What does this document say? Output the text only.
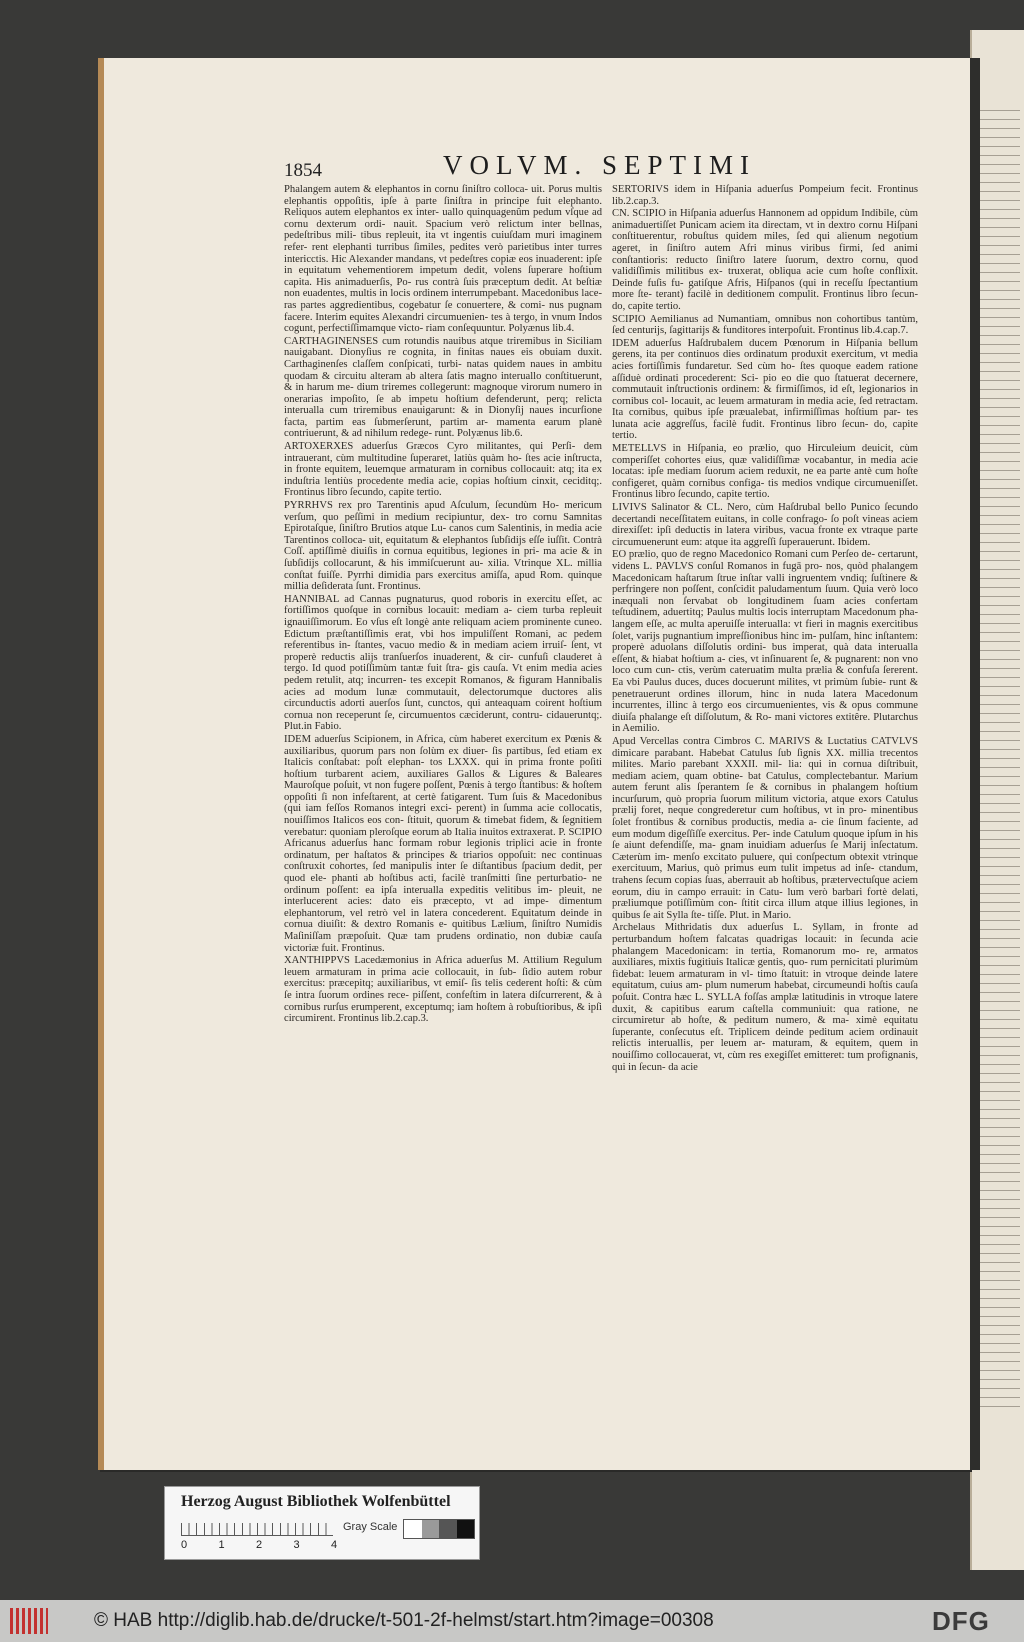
1854	VOLVM. SEPTIMI

Phalangem autem & elephantos in cornu ſiniſtro colloca- uit. Porus multis elephantis oppoſitis, ipſe à parte ſiniſtra in principe fuit elephanto. Reliquos autem elephantos ex inter- uallo quinquagenûm pedum vſque ad cornu dexterum ordi- nauit. Spacium verò relictum inter bellnas, pedeſtribus mili- tibus repleuit, ita vt ingentis cuiuſdam muri imaginem refer- rent elephanti turribus ſimiles, pedites verò parietibus inter turres intericctis. Hic Alexander mandans, vt pedeſtres copiæ eos inuaderent: ipſe in equitatum vehementiorem impetum dedit, volens ſuperare hoſtium capita. His animaduerſis, Po- rus contrà ſuis præceptum dedit. At beſtiæ non euadentes, multis in locis ordinem interrumpebant. Macedonibus lace- ras partes aggredientibus, cogebatur ſe conuertere, & comi- nus pugnam facere. Interim equites Alexandri circumuenien- tes à tergo, in vnum Indos cogunt, perfectiſſimamque victo- riam conſequuntur. Polyænus lib.4.

CARTHAGINENSES cum rotundis nauibus atque triremibus in Siciliam nauigabant. Dionyſius re cognita, in finitas naues eis obuiam duxit. Carthaginenſes claſſem conſpicati, turbi- natas quidem naues in ambitu quodam & circuitu alteram ab altera ſatis magno interuallo conſtituerunt, & in harum me- dium triremes collegerunt: magnoque virorum numero in onerarias impoſito, ſe ab impetu hoſtium defenderunt, perq; relicta interualla cum triremibus enauigarunt: & in Dionyſij naues incurſione facta, partim eas ſubmerſerunt, partim ar- mamenta earum planè contriuerunt, & ad nihilum redege- runt. Polyænus lib.6.

ARTOXERXES aduerſus Græcos Cyro militantes, qui Perſi- dem intrauerant, cùm multitudine ſuperaret, latiùs quàm ho- ſtes acie inſtructa, in fronte equitem, leuemque armaturam in cornibus collocauit: atq; ita ex induſtria lentiùs procedente media acie, copias hoſtium cinxit, ceciditq;. Frontinus libro ſecundo, capite tertio.

PYRRHVS rex pro Tarentinis apud Aſculum, ſecundùm Ho- mericum verſum, quo peſſimi in medium recipiuntur, dex- tro cornu Samnitas Epirotaſque, ſiniſtro Brutios atque Lu- canos cum Salentinis, in media acie Tarentinos colloca- uit, equitatum & elephantos ſubſidijs eſſe iuſſit. Contrà Coſſ. aptiſſimè diuiſis in cornua equitibus, legiones in pri- ma acie & in ſubſidijs collocarunt, & his immiſcuerunt au- xilia. Vtrinque XL. millia conſtat fuiſſe. Pyrrhi dimidia pars exercitus amiſſa, apud Rom. quinque millia deſiderata ſunt. Frontinus.

HANNIBAL ad Cannas pugnaturus, quod roboris in exercitu eſſet, ac fortiſſimos quoſque in cornibus locauit: mediam a- ciem turba repleuit ignauiſſimorum. Eo vſus eſt longè ante reliquam aciem prominente cuneo. Edictum præſtantiſſimis erat, vbi hos impuliſſent Romani, ac pedem referentibus in- ſtantes, vacuo medio & in mediam aciem irruiſ- ſent, vt properè reductis alijs tranſuerſos inuaderent, & cir- cunfuſi clauderet à tergo. Id quod potiſſimùm tantæ fuit ſtra- gis cauſa. Vt enim media acies pedem retulit, atq; incurren- tes excepit Romanos, & figuram Hannibalis acies ad modum lunæ commutauit, delectorumque ductores alis circunductis adorti auerſos ſunt, cunctos, qui anteaquam coirent hoſtium cornua non receperunt ſe, circumuentos cæciderunt, contru- cidaueruntq;. Plut.in Fabio.

IDEM aduerſus Scipionem, in Africa, cùm haberet exercitum ex Pœnis & auxiliaribus, quorum pars non ſolùm ex diuer- ſis partibus, ſed etiam ex Italicis conſtabat: poſt elephan- tos LXXX. qui in prima fronte poſiti hoſtium turbarent aciem, auxiliares Gallos & Ligures & Baleares Mauroſque poſuit, vt non fugere poſſent, Pœnis à tergo ſtantibus: & hoſtem oppoſiti ſi non infeſtarent, at certè fatigarent. Tum ſuis & Macedonibus (qui iam feſſos Romanos integri exci- perent) in ſumma acie collocatis, nouiſſimos Italicos eos con- ſtituit, quorum & timebat fidem, & ſegnitiem verebatur: quoniam pleroſque eorum ab Italia inuitos extraxerat. P. SCIPIO Africanus aduerſus hanc formam robur legionis triplici acie in fronte ordinatum, per haſtatos & principes & triarios oppoſuit: nec continuas conſtruxit cohortes, ſed manipulis inter ſe diſtantibus ſpacium dedit, per quod ele- phanti ab hoſtibus acti, facilè tranſmitti ſine perturbatio- ne ordinum poſſent: ea ipſa interualla expeditis velitibus im- pleuit, ne interlucerent acies: dato eis præcepto, vt ad impe- dimentum elephantorum, vel retrò vel in latera concederent. Equitatum deinde in cornua diuiſit: & dextro Romanis e- quitibus Lælium, ſiniſtro Numidis Maſiniſſam præpoſuit. Quæ tam prudens ordinatio, non dubiæ cauſa victoriæ fuit. Frontinus.

XANTHIPPVS Lacedæmonius in Africa aduerſus M. Attilium Regulum leuem armaturam in prima acie collocauit, in ſub- ſidio autem robur exercitus: præcepitq; auxiliaribus, vt emiſ- ſis telis cederent hoſti: & cùm ſe intra ſuorum ordines rece- piſſent, confeſtim in latera diſcurrerent, & à cornibus rurſus erumperent, exceptumq; iam hoſtem à robuſtioribus, & ipſi circumirent. Frontinus lib.2.cap.3.

SERTORIVS idem in Hiſpania aduerſus Pompeium fecit. Frontinus lib.2.cap.3.

CN. SCIPIO in Hiſpania aduerſus Hannonem ad oppidum Indibile, cùm animaduertiſſet Punicam aciem ita directam, vt in dextro cornu Hiſpani conſtituerentur, robuſtus quidem miles, ſed qui alienum negotium ageret, in ſiniſtro autem Afri minus viribus firmi, ſed animi conſtantioris: reducto ſiniſtro latere ſuorum, dextro cornu, quod validiſſimis militibus ex- truxerat, obliqua acie cum hoſte conflixit. Deinde fuſis fu- gatiſque Afris, Hiſpanos (qui in receſſu ſpectantium more ſte- terant) facilè in deditionem compulit. Frontinus libro ſecun- do, capite tertio.

SCIPIO Aemilianus ad Numantiam, omnibus non cohortibus tantùm, ſed centurijs, ſagittarijs & funditores interpoſuit. Frontinus lib.4.cap.7.

IDEM aduerſus Haſdrubalem ducem Pœnorum in Hiſpania bellum gerens, ita per continuos dies ordinatum produxit exercitum, vt media acies fortiſſimis fundaretur. Sed cùm ho- ſtes quoque eadem ratione aſſiduè ordinati procederent: Sci- pio eo die quo ſtatuerat decernere, commutauit inſtructionis ordinem: & firmiſſimos, id eſt, legionarios in cornibus col- locauit, ac leuem armaturam in media acie, ſed retractam. Ita cornibus, quibus ipſe præualebat, infirmiſſimas hoſtium par- tes lunata acie aggreſſus, facilè fudit. Frontinus libro ſecun- do, capite tertio.

METELLVS in Hiſpania, eo prælio, quo Hirculeium deuicit, cùm comperiſſet cohortes eius, quæ validiſſimæ vocabantur, in media acie locatas: ipſe mediam ſuorum aciem reduxit, ne ea parte antè cum hoſte configeret, quàm cornibus configa- tis medios vndique circumueniſſet. Frontinus libro ſecundo, capite tertio.

LIVIVS Salinator & CL. Nero, cùm Haſdrubal bello Punico ſecundo decertandi neceſſitatem euitans, in colle confrago- ſo poſt vineas aciem direxiſſet: ipſi deductis in latera viribus, vacua fronte ex vtraque parte circumuenerunt eum: atque ita aggreſſi ſuperauerunt. Ibidem.

EO prælio, quo de regno Macedonico Romani cum Perſeo de- certarunt, videns L. PAVLVS conſul Romanos in fugā pro- nos, quòd phalangem Macedonicam haſtarum ſtrue inſtar valli ingruentem vndiq; ſuſtinere & perfringere non poſſent, conſcidit paludamentum ſuum. Quia verò loco inæquali non ſervabat ob longitudinem ſuam acies confertam teſtudinem, aduertitq; Paulus multis locis interruptam Macedonum pha- langem eſſe, ac multa aperuiſſe interualla: vt fieri in magnis exercitibus ſolet, varijs pugnantium impreſſionibus hinc im- pulſam, hinc inſtantem: properè aduolans diſſolutis ordini- bus imperat, quà data interualla eſſent, & hiabat hoſtium a- cies, vt inſinuarent ſe, & pugnarent: non vno loco cum cun- ctis, verùm cateruatim multa prælia & confuſa ſererent. Ea vbi Paulus duces, duces docuerunt milites, vt primùm ſubie- runt & penetrauerunt ordines illorum, hinc in nuda latera Macedonum incurrentes, illinc à tergo eos circumuenientes, vis & opus commune diuiſa phalange eſt diſſolutum, & Ro- mani victores extitêre. Plutarchus in Aemilio.

Apud Vercellas contra Cimbros C. MARIVS & Luctatius CATVLVS dimicare parabant. Habebat Catulus ſub ſignis XX. millia trecentos milites. Mario parebant XXXII. mil- lia: qui in cornua diſtribuit, mediam aciem, quam obtine- bat Catulus, complectebantur. Marium autem ferunt alis ſperantem ſe & cornibus in phalangem hoſtium incurſurum, quò propria ſuorum militum victoria, atque exors Catulus prælij foret, neque congrederetur cum hoſtibus, vt in pro- minentibus ſolet frontibus & cornibus productis, media a- cie ſinum faciente, ad eum modum digeſſiſſe exercitus. Per- inde Catulum quoque ipſum in his ſe aiunt defendiſſe, ma- gnam inuidiam aduerſus ſe Marij inſectatum. Cæterùm im- menſo excitato puluere, qui conſpectum obtexit vtrinque exercituum, Marius, quò primus eum tulit impetus ad inſe- ctandum, trahens ſecum copias ſuas, aberrauit ab hoſtibus, prætervectuſque aciem eorum, diu in campo errauit: in Catu- lum verò barbari fortè delati, præliumque potiſſimùm con- ſtitit circa illum atque illius legiones, in quibus ſe ait Sylla ſte- tiſſe. Plut. in Mario.

Archelaus Mithridatis dux aduerſus L. Syllam, in fronte ad perturbandum hoſtem falcatas quadrigas locauit: in ſecunda acie phalangem Macedonicam: in tertia, Romanorum mo- re, armatos auxiliares, mixtis fugitiuis Italicæ gentis, quo- rum pernicitati plurimùm fidebat: leuem armaturam in vl- timo ſtatuit: in vtroque deinde latere equitatum, cuius am- plum numerum habebat, circumeundi hoſtis cauſa poſuit. Contra hæc L. SYLLA foſſas amplæ latitudinis in vtroque latere duxit, & capitibus earum caſtella communiuit: qua ratione, ne circumiretur ab hoſte, & peditum numero, & ma- ximè equitatu ſuperante, conſecutus eſt. Triplicem deinde peditum aciem ordinauit relictis interuallis, per leuem ar- maturam, & equitem, quem in nouiſſimo collocauerat, vt, cùm res exegiſſet emitteret: tum profignanis, qui in ſecun- da acie

Herzog August Bibliothek Wolfenbüttel
0	1	2	3	4
Gray Scale
© HAB http://diglib.hab.de/drucke/t-501-2f-helmst/start.htm?image=00308	DFG
